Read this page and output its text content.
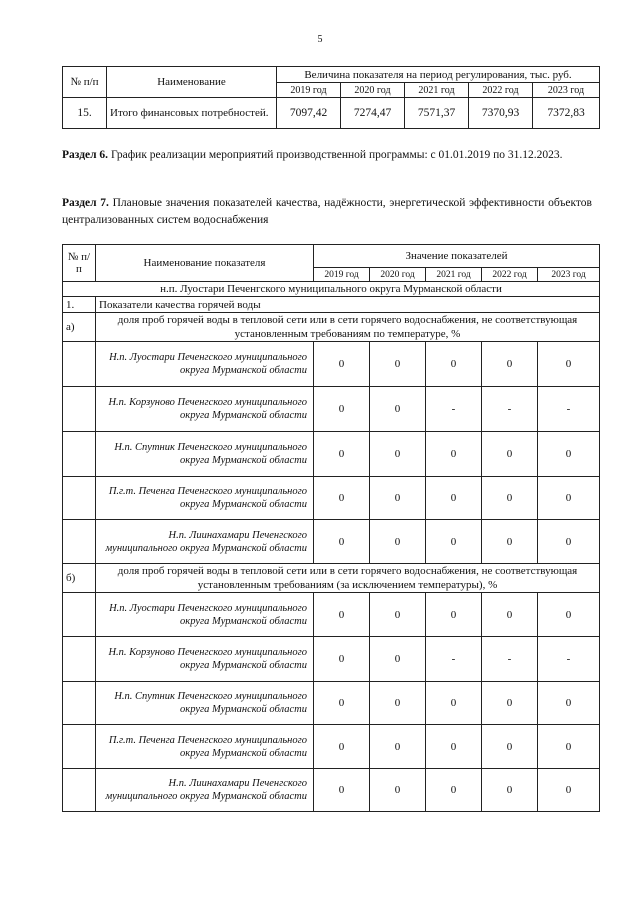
5
№ п/п	Наименование	Величина показателя на период регулирования, тыс. руб.				
		2019 год	2020 год	2021 год	2022 год	2023 год
15.	Итого финансовых потребностей.	7097,42	7274,47	7571,37	7370,93	7372,83
Раздел 6. График реализации мероприятий производственной программы: с 01.01.2019 по 31.12.2023.
Раздел 7. Плановые значения показателей качества, надёжности, энергетической эффективности объектов централизованных систем водоснабжения
№ п/п	Наименование показателя	Значение показателей				
		2019 год	2020 год	2021 год	2022 год	2023 год
н.п. Луостари Печенгского муниципального округа Мурманской области						
1.	Показатели качества горячей воды					
а)	доля проб горячей воды в тепловой сети или в сети горячего водоснабжения, не соответствующая установленным требованиям по температуре, %					
	Н.п. Луостари Печенгского муниципального округа Мурманской области	0	0	0	0	0
	Н.п. Корзуново Печенгского муниципального округа Мурманской области	0	0	-	-	-
	Н.п. Спутник Печенгского муниципального округа Мурманской области	0	0	0	0	0
	П.г.т. Печенга Печенгского муниципального округа Мурманской области	0	0	0	0	0
	Н.п. Лиинахамари Печенгского муниципального округа Мурманской области	0	0	0	0	0
б)	доля проб горячей воды в тепловой сети или в сети горячего водоснабжения, не соответствующая установленным требованиям (за исключением температуры), %					
	Н.п. Луостари Печенгского муниципального округа Мурманской области	0	0	0	0	0
	Н.п. Корзуново Печенгского муниципального округа Мурманской области	0	0	-	-	-
	Н.п. Спутник Печенгского муниципального округа Мурманской области	0	0	0	0	0
	П.г.т. Печенга Печенгского муниципального округа Мурманской области	0	0	0	0	0
	Н.п. Лиинахамари Печенгского муниципального округа Мурманской области	0	0	0	0	0
